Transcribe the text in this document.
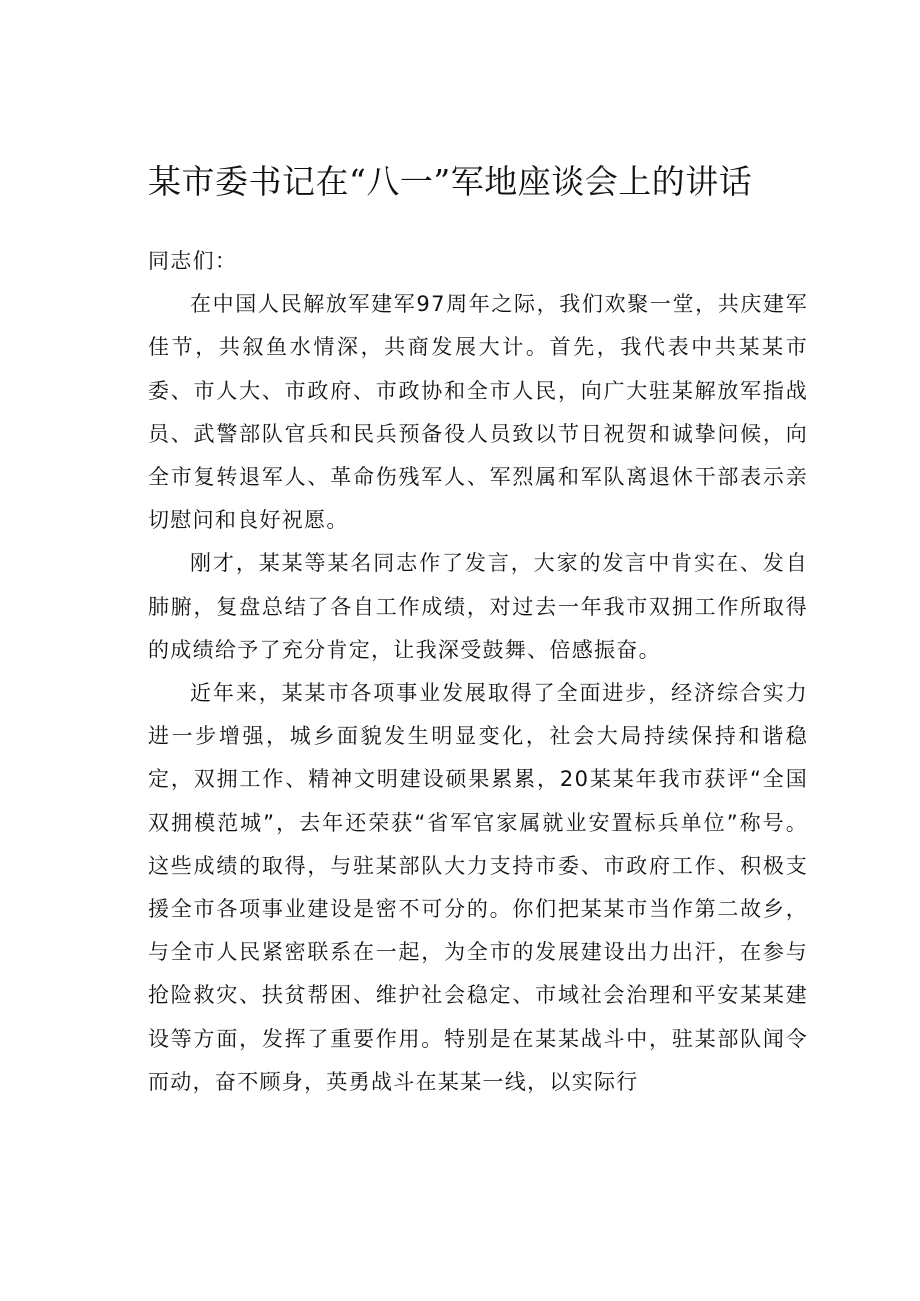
某市委书记在“八一”军地座谈会上的讲话

同志们：

在中国人民解放军建军97周年之际，我们欢聚一堂，共庆建军佳节，共叙鱼水情深，共商发展大计。首先，我代表中共某某市委、市人大、市政府、市政协和全市人民，向广大驻某解放军指战员、武警部队官兵和民兵预备役人员致以节日祝贺和诚挚问候，向全市复转退军人、革命伤残军人、军烈属和军队离退休干部表示亲切慰问和良好祝愿。

刚才，某某等某名同志作了发言，大家的发言中肯实在、发自肺腑，复盘总结了各自工作成绩，对过去一年我市双拥工作所取得的成绩给予了充分肯定，让我深受鼓舞、倍感振奋。

近年来，某某市各项事业发展取得了全面进步，经济综合实力进一步增强，城乡面貌发生明显变化，社会大局持续保持和谐稳定，双拥工作、精神文明建设硕果累累，20某某年我市获评“全国双拥模范城”，去年还荣获“省军官家属就业安置标兵单位”称号。这些成绩的取得，与驻某部队大力支持市委、市政府工作、积极支援全市各项事业建设是密不可分的。你们把某某市当作第二故乡，与全市人民紧密联系在一起，为全市的发展建设出力出汗，在参与抢险救灾、扶贫帮困、维护社会稳定、市域社会治理和平安某某建设等方面，发挥了重要作用。特别是在某某战斗中，驻某部队闻令而动，奋不顾身，英勇战斗在某某一线，以实际行
